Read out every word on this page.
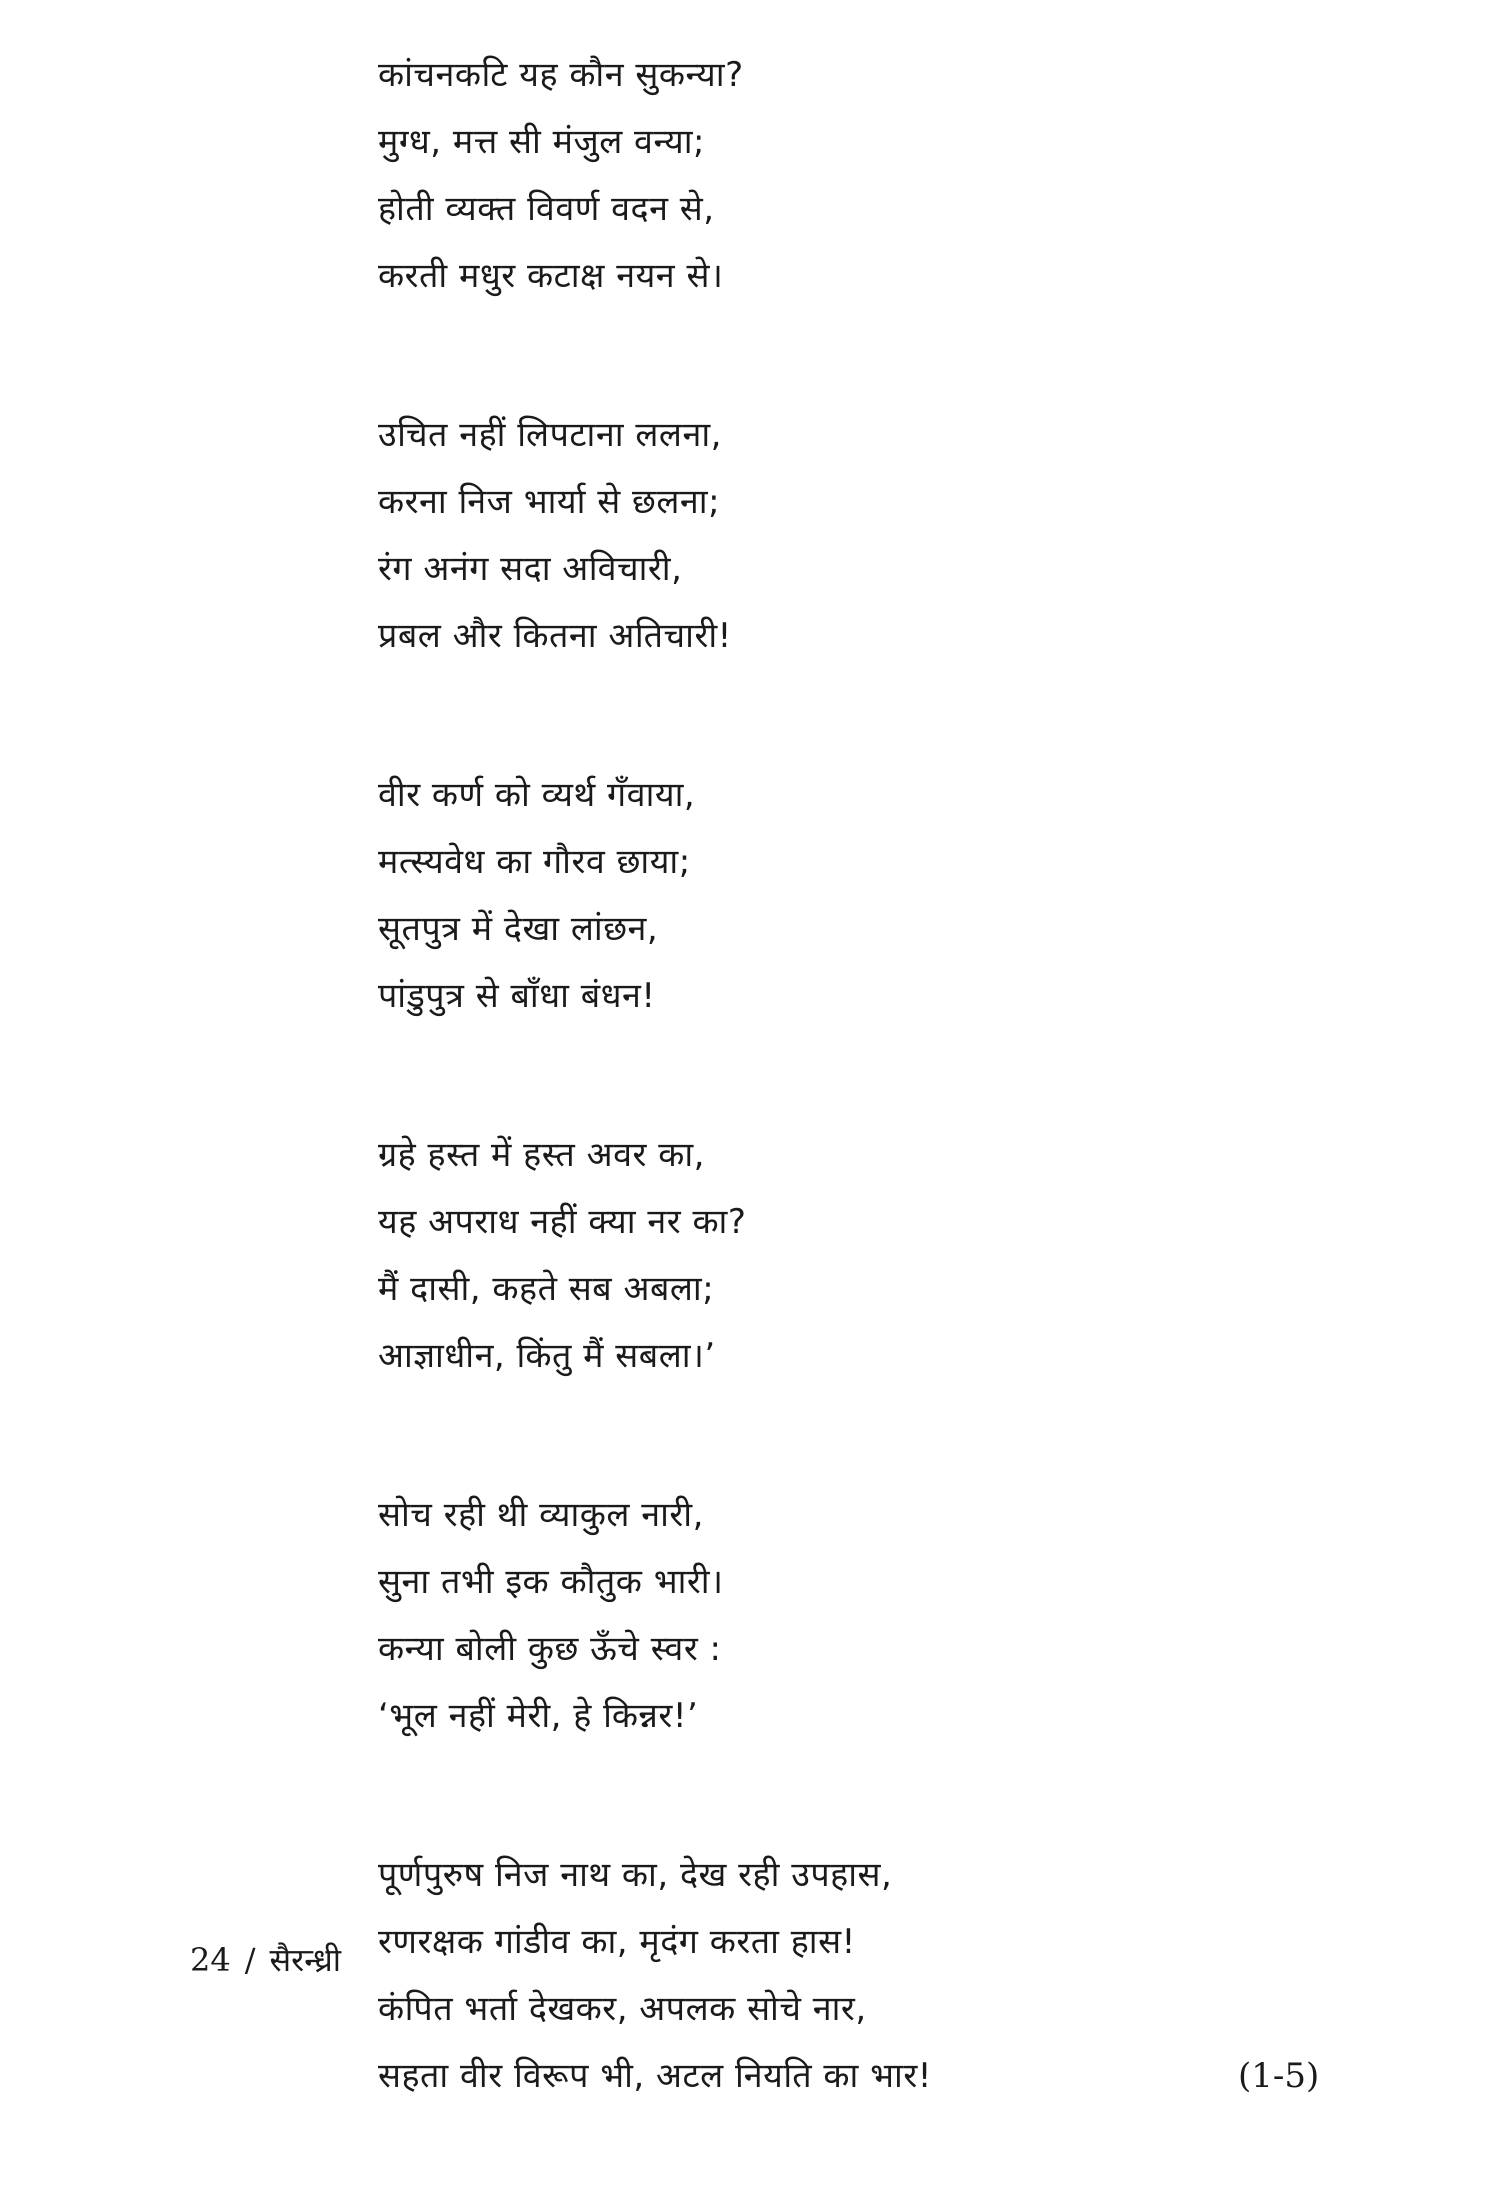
कांचनकटि यह कौन सुकन्या?
मुग्ध, मत्त सी मंजुल वन्या;
होती व्यक्त विवर्ण वदन से,
करती मधुर कटाक्ष नयन से।
उचित नहीं लिपटाना ललना,
करना निज भार्या से छलना;
रंग अनंग सदा अविचारी,
प्रबल और कितना अतिचारी!
वीर कर्ण को व्यर्थ गँवाया,
मत्स्यवेध का गौरव छाया;
सूतपुत्र में देखा लांछन,
पांडुपुत्र से बाँधा बंधन!
ग्रहे हस्त में हस्त अवर का,
यह अपराध नहीं क्या नर का?
मैं दासी, कहते सब अबला;
आज्ञाधीन, किंतु मैं सबला।’
सोच रही थी व्याकुल नारी,
सुना तभी इक कौतुक भारी।
कन्या बोली कुछ ऊँचे स्वर :
‘भूल नहीं मेरी, हे किन्नर!’
पूर्णपुरुष निज नाथ का, देख रही उपहास,
रणरक्षक गांडीव का, मृदंग करता हास!
कंपित भर्ता देखकर, अपलक सोचे नार,
सहता वीर विरूप भी, अटल नियति का भार!	(1-5)
24 / सैरन्ध्री
